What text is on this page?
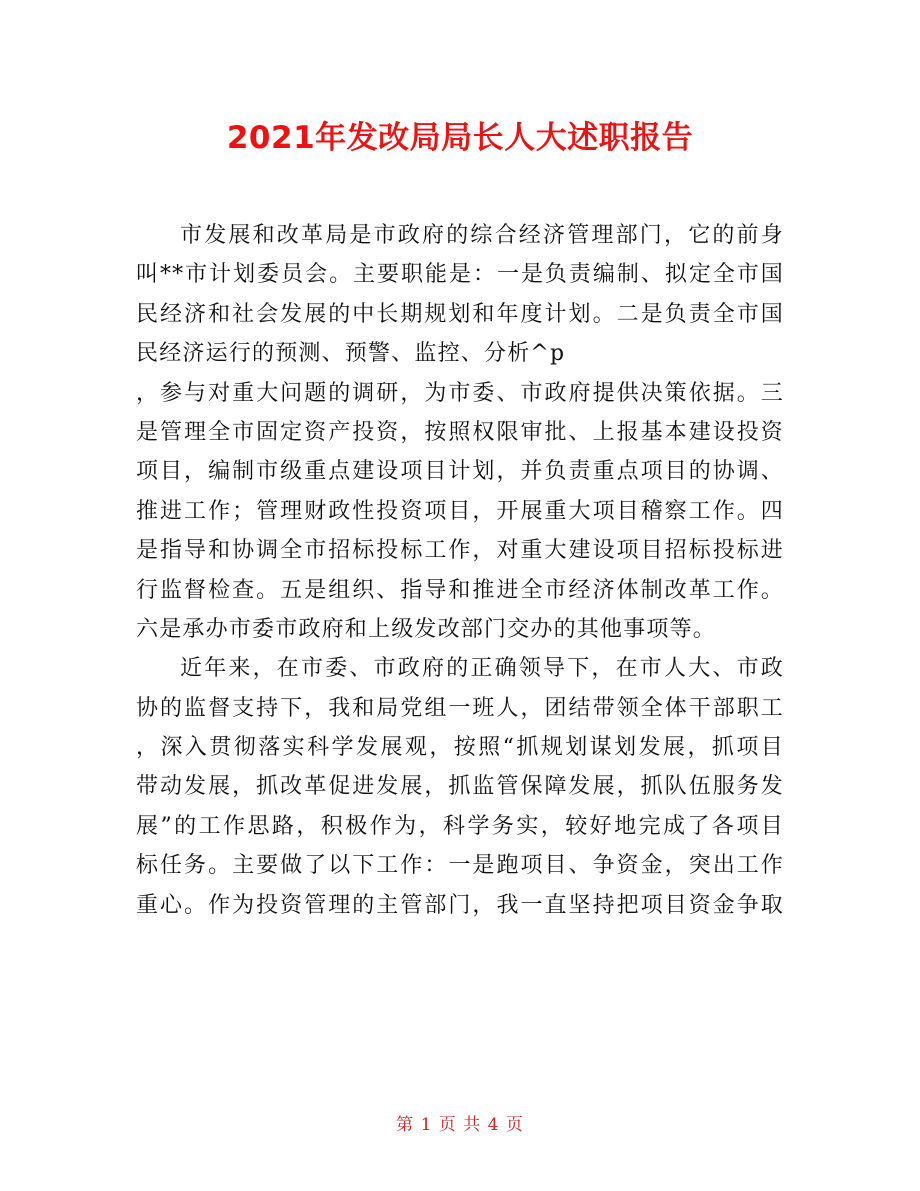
2021年发改局局长人大述职报告
市发展和改革局是市政府的综合经济管理部门，它的前身
叫**市计划委员会。主要职能是：一是负责编制、拟定全市国
民经济和社会发展的中长期规划和年度计划。二是负责全市国
民经济运行的预测、预警、监控、分析^p
，参与对重大问题的调研，为市委、市政府提供决策依据。三
是管理全市固定资产投资，按照权限审批、上报基本建设投资
项目，编制市级重点建设项目计划，并负责重点项目的协调、
推进工作；管理财政性投资项目，开展重大项目稽察工作。四
是指导和协调全市招标投标工作，对重大建设项目招标投标进
行监督检查。五是组织、指导和推进全市经济体制改革工作。
六是承办市委市政府和上级发改部门交办的其他事项等。
近年来，在市委、市政府的正确领导下，在市人大、市政
协的监督支持下，我和局党组一班人，团结带领全体干部职工
，深入贯彻落实科学发展观，按照“抓规划谋划发展，抓项目
带动发展，抓改革促进发展，抓监管保障发展，抓队伍服务发
展”的工作思路，积极作为，科学务实，较好地完成了各项目
标任务。主要做了以下工作：一是跑项目、争资金，突出工作
重心。作为投资管理的主管部门，我一直坚持把项目资金争取
第 1 页 共 4 页
